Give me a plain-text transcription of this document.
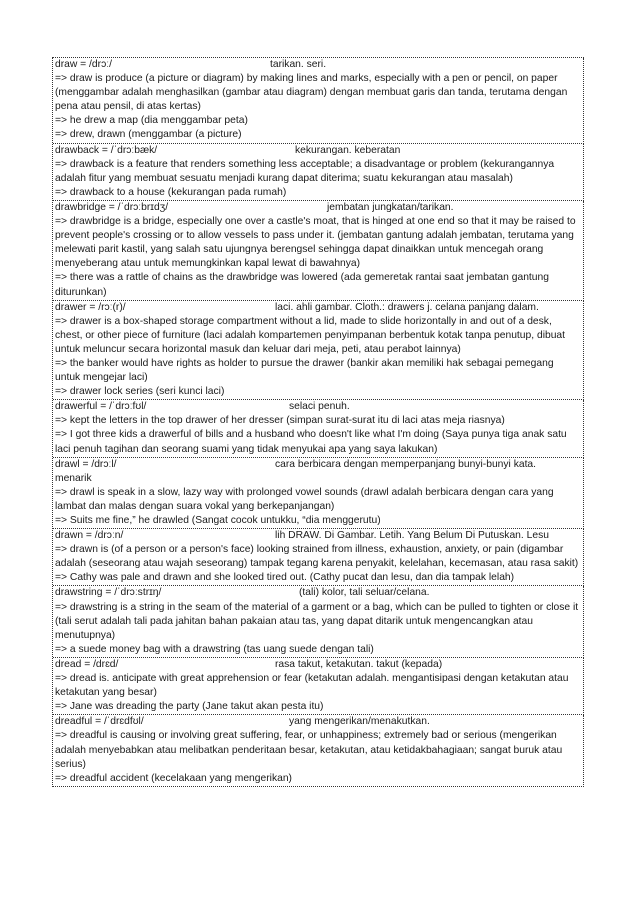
draw = /drɔː/	tarikan. seri.
=> draw is produce (a picture or diagram) by making lines and marks, especially with a pen or pencil, on paper (menggambar adalah menghasilkan (gambar atau diagram) dengan membuat garis dan tanda, terutama dengan pena atau pensil, di atas kertas)
=> he drew a map (dia menggambar peta)
=> drew, drawn (menggambar (a picture)
drawback = /ˈdrɔːbæk/	kekurangan. keberatan
=> drawback is a feature that renders something less acceptable; a disadvantage or problem (kekurangannya adalah fitur yang membuat sesuatu menjadi kurang dapat diterima; suatu kekurangan atau masalah)
=> drawback to a house (kekurangan pada rumah)
drawbridge = /ˈdrɔːbrɪdʒ/	jembatan jungkatan/tarikan.
=> drawbridge is a bridge, especially one over a castle's moat, that is hinged at one end so that it may be raised to prevent people's crossing or to allow vessels to pass under it. (jembatan gantung adalah jembatan, terutama yang melewati parit kastil, yang salah satu ujungnya berengsel sehingga dapat dinaikkan untuk mencegah orang menyeberang atau untuk memungkinkan kapal lewat di bawahnya)
=> there was a rattle of chains as the drawbridge was lowered (ada gemeretak rantai saat jembatan gantung diturunkan)
drawer = /rɔː(r)/	laci. ahli gambar. Cloth.: drawers j. celana panjang dalam.
=> drawer is a box-shaped storage compartment without a lid, made to slide horizontally in and out of a desk, chest, or other piece of furniture (laci adalah kompartemen penyimpanan berbentuk kotak tanpa penutup, dibuat untuk meluncur secara horizontal masuk dan keluar dari meja, peti, atau perabot lainnya)
=> the banker would have rights as holder to pursue the drawer (bankir akan memiliki hak sebagai pemegang untuk mengejar laci)
=> drawer lock series (seri kunci laci)
drawerful = /ˈdrɔːfʊl/	selaci penuh.
=> kept the letters in the top drawer of her dresser (simpan surat-surat itu di laci atas meja riasnya)
=> I got three kids a drawerful of bills and a husband who doesn't like what I'm doing (Saya punya tiga anak satu laci penuh tagihan dan seorang suami yang tidak menyukai apa yang saya lakukan)
drawl = /drɔːl/	cara berbicara dengan memperpanjang bunyi-bunyi kata.
menarik
=> drawl is speak in a slow, lazy way with prolonged vowel sounds (drawl adalah berbicara dengan cara yang lambat dan malas dengan suara vokal yang berkepanjangan)
=> Suits me fine,” he drawled (Sangat cocok untukku, “dia menggerutu)
drawn = /drɔːn/	lih DRAW. Di Gambar. Letih. Yang Belum Di Putuskan. Lesu
=> drawn is (of a person or a person's face) looking strained from illness, exhaustion, anxiety, or pain (digambar adalah (seseorang atau wajah seseorang) tampak tegang karena penyakit, kelelahan, kecemasan, atau rasa sakit)
=> Cathy was pale and drawn and she looked tired out. (Cathy pucat dan lesu, dan dia tampak lelah)
drawstring = /ˈdrɔːstrɪŋ/	(tali) kolor, tali seluar/celana.
=> drawstring is a string in the seam of the material of a garment or a bag, which can be pulled to tighten or close it (tali serut adalah tali pada jahitan bahan pakaian atau tas, yang dapat ditarik untuk mengencangkan atau menutupnya)
=> a suede money bag with a drawstring (tas uang suede dengan tali)
dread = /drɛd/	rasa takut, ketakutan. takut (kepada)
=> dread is. anticipate with great apprehension or fear (ketakutan adalah. mengantisipasi dengan ketakutan atau ketakutan yang besar)
=> Jane was dreading the party (Jane takut akan pesta itu)
dreadful = /ˈdrɛdfʊl/	yang mengerikan/menakutkan.
=> dreadful is causing or involving great suffering, fear, or unhappiness; extremely bad or serious (mengerikan adalah menyebabkan atau melibatkan penderitaan besar, ketakutan, atau ketidakbahagiaan; sangat buruk atau serius)
=> dreadful accident (kecelakaan yang mengerikan)
